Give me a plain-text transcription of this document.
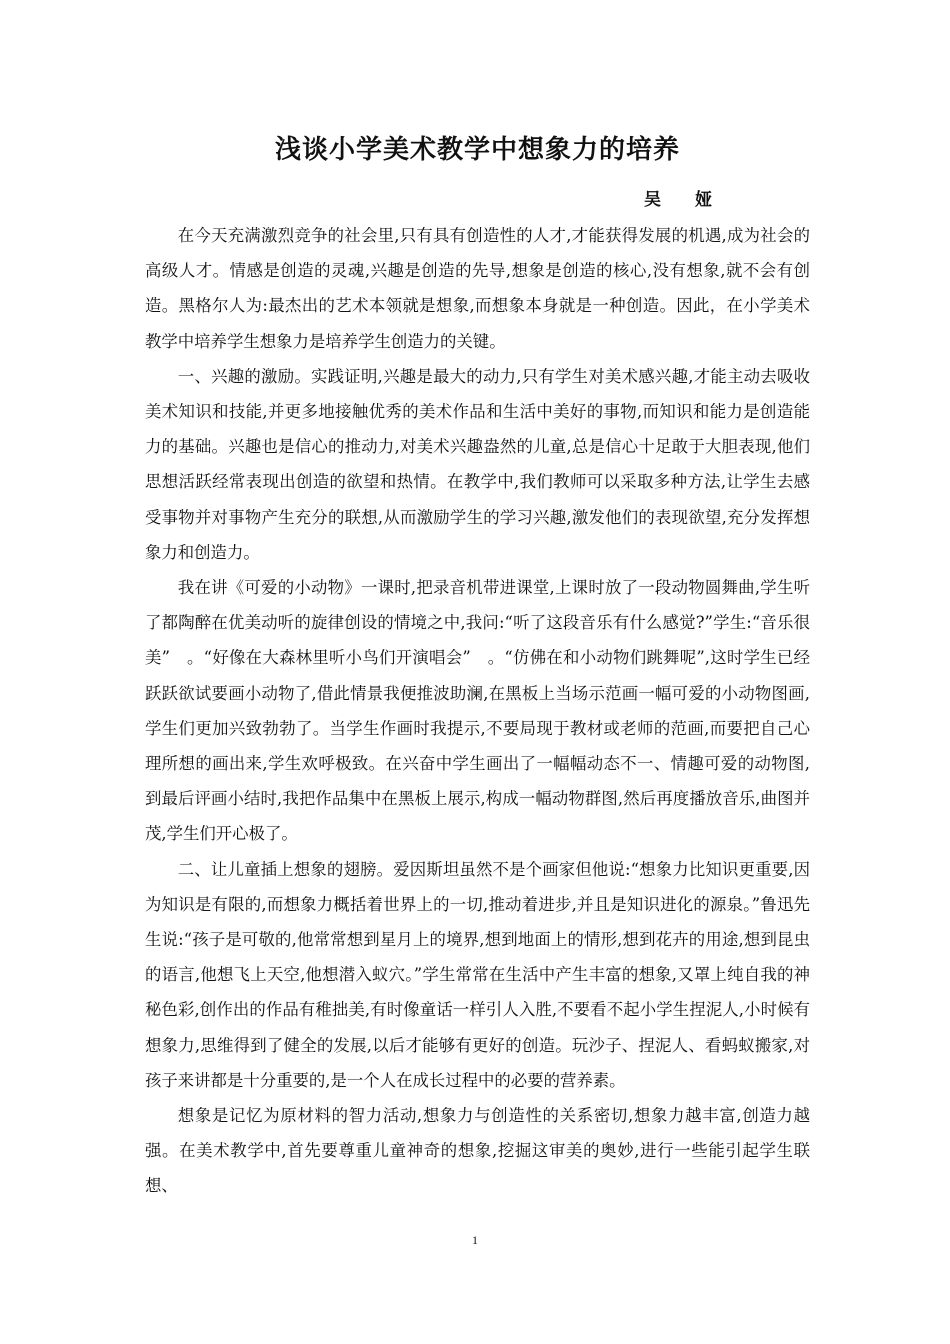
浅谈小学美术教学中想象力的培养
吴　　娅

在今天充满激烈竞争的社会里,只有具有创造性的人才,才能获得发展的机遇,成为社会的高级人才。情感是创造的灵魂,兴趣是创造的先导,想象是创造的核心,没有想象,就不会有创造。黑格尔人为:最杰出的艺术本领就是想象,而想象本身就是一种创造。因此，在小学美术教学中培养学生想象力是培养学生创造力的关键。

一、兴趣的激励。实践证明,兴趣是最大的动力,只有学生对美术感兴趣,才能主动去吸收美术知识和技能,并更多地接触优秀的美术作品和生活中美好的事物,而知识和能力是创造能力的基础。兴趣也是信心的推动力,对美术兴趣盎然的儿童,总是信心十足敢于大胆表现,他们思想活跃经常表现出创造的欲望和热情。在教学中,我们教师可以采取多种方法,让学生去感受事物并对事物产生充分的联想,从而激励学生的学习兴趣,激发他们的表现欲望,充分发挥想象力和创造力。

我在讲《可爱的小动物》一课时,把录音机带进课堂,上课时放了一段动物圆舞曲,学生听了都陶醉在优美动听的旋律创设的情境之中,我问:“听了这段音乐有什么感觉?”学生:“音乐很美”　。“好像在大森林里听小鸟们开演唱会”　。“仿佛在和小动物们跳舞呢”,这时学生已经跃跃欲试要画小动物了,借此情景我便推波助澜,在黑板上当场示范画一幅可爱的小动物图画,学生们更加兴致勃勃了。当学生作画时我提示,不要局现于教材或老师的范画,而要把自己心理所想的画出来,学生欢呼极致。在兴奋中学生画出了一幅幅动态不一、情趣可爱的动物图,到最后评画小结时,我把作品集中在黑板上展示,构成一幅动物群图,然后再度播放音乐,曲图并茂,学生们开心极了。

二、让儿童插上想象的翅膀。爱因斯坦虽然不是个画家但他说:“想象力比知识更重要,因为知识是有限的,而想象力概括着世界上的一切,推动着进步,并且是知识进化的源泉。”鲁迅先生说:“孩子是可敬的,他常常想到星月上的境界,想到地面上的情形,想到花卉的用途,想到昆虫的语言,他想飞上天空,他想潜入蚁穴。”学生常常在生活中产生丰富的想象,又罩上纯自我的神秘色彩,创作出的作品有稚拙美,有时像童话一样引人入胜,不要看不起小学生捏泥人,小时候有想象力,思维得到了健全的发展,以后才能够有更好的创造。玩沙子、捏泥人、看蚂蚁搬家,对孩子来讲都是十分重要的,是一个人在成长过程中的必要的营养素。

想象是记忆为原材料的智力活动,想象力与创造性的关系密切,想象力越丰富,创造力越强。在美术教学中,首先要尊重儿童神奇的想象,挖掘这审美的奥妙,进行一些能引起学生联想、

1
